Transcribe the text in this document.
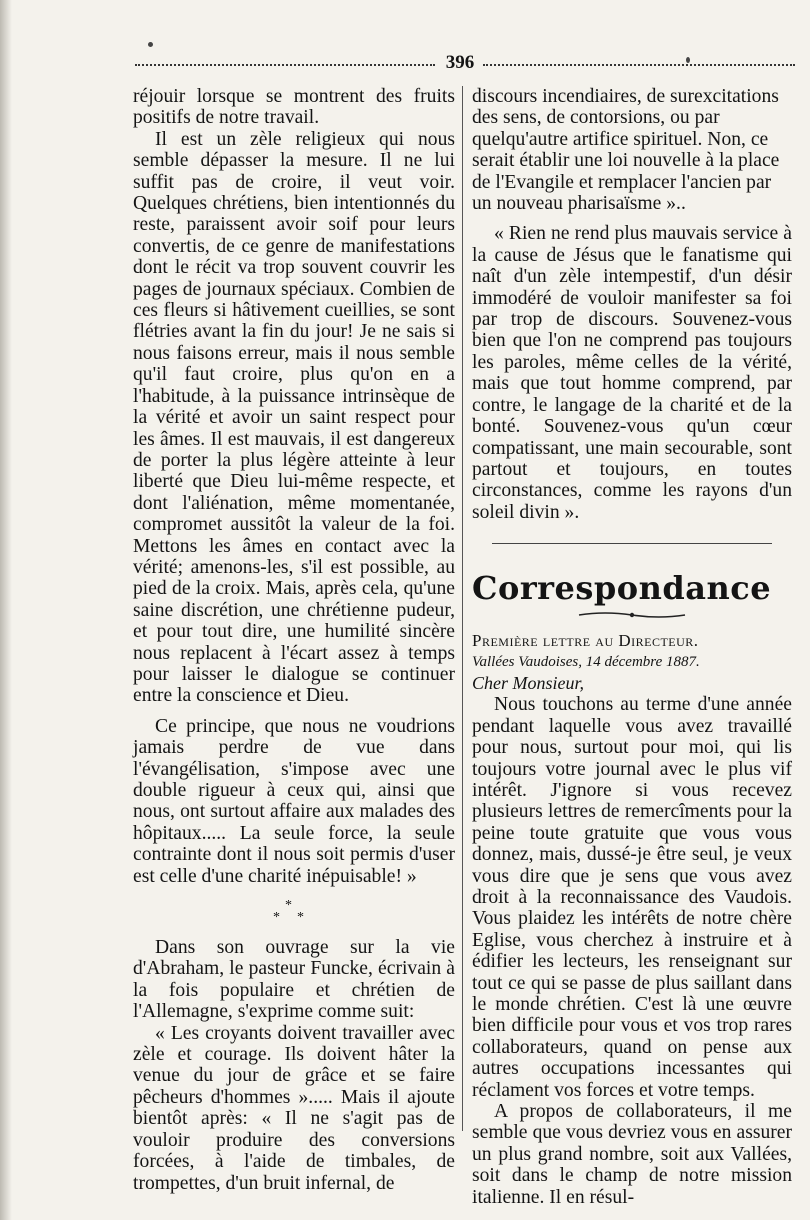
396

réjouir lorsque se montrent des fruits positifs de notre travail.

Il est un zèle religieux qui nous semble dépasser la mesure. Il ne lui suffit pas de croire, il veut voir. Quelques chrétiens, bien intentionnés du reste, paraissent avoir soif pour leurs convertis, de ce genre de manifestations dont le récit va trop souvent couvrir les pages de journaux spéciaux. Combien de ces fleurs si hâtivement cueillies, se sont flétries avant la fin du jour! Je ne sais si nous faisons erreur, mais il nous semble qu'il faut croire, plus qu'on en a l'habitude, à la puissance intrinsèque de la vérité et avoir un saint respect pour les âmes. Il est mauvais, il est dangereux de porter la plus légère atteinte à leur liberté que Dieu lui-même respecte, et dont l'aliénation, même momentanée, compromet aussitôt la valeur de la foi. Mettons les âmes en contact avec la vérité; amenons-les, s'il est possible, au pied de la croix. Mais, après cela, qu'une saine discrétion, une chrétienne pudeur, et pour tout dire, une humilité sincère nous replacent à l'écart assez à temps pour laisser le dialogue se continuer entre la conscience et Dieu.

Ce principe, que nous ne voudrions jamais perdre de vue dans l'évangélisation, s'impose avec une double rigueur à ceux qui, ainsi que nous, ont surtout affaire aux malades des hôpitaux..... La seule force, la seule contrainte dont il nous soit permis d'user est celle d'une charité inépuisable! »

*
* *

Dans son ouvrage sur la vie d'Abraham, le pasteur Funcke, écrivain à la fois populaire et chrétien de l'Allemagne, s'exprime comme suit:

« Les croyants doivent travailler avec zèle et courage. Ils doivent hâter la venue du jour de grâce et se faire pêcheurs d'hommes »..... Mais il ajoute bientôt après: « Il ne s'agit pas de vouloir produire des conversions forcées, à l'aide de timbales, de trompettes, d'un bruit infernal, de

discours incendiaires, de surexcitations des sens, de contorsions, ou par quelqu'autre artifice spirituel. Non, ce serait établir une loi nouvelle à la place de l'Evangile et remplacer l'ancien par un nouveau pharisaïsme »..

« Rien ne rend plus mauvais service à la cause de Jésus que le fanatisme qui naît d'un zèle intempestif, d'un désir immodéré de vouloir manifester sa foi par trop de discours. Souvenez-vous bien que l'on ne comprend pas toujours les paroles, même celles de la vérité, mais que tout homme comprend, par contre, le langage de la charité et de la bonté. Souvenez-vous qu'un cœur compatissant, une main secourable, sont partout et toujours, en toutes circonstances, comme les rayons d'un soleil divin ».

Correspondance

Première lettre au Directeur.

Vallées Vaudoises, 14 décembre 1887.

Cher Monsieur,

Nous touchons au terme d'une année pendant laquelle vous avez travaillé pour nous, surtout pour moi, qui lis toujours votre journal avec le plus vif intérêt. J'ignore si vous recevez plusieurs lettres de remercîments pour la peine toute gratuite que vous vous donnez, mais, dussé-je être seul, je veux vous dire que je sens que vous avez droit à la reconnaissance des Vaudois. Vous plaidez les intérêts de notre chère Eglise, vous cherchez à instruire et à édifier les lecteurs, les renseignant sur tout ce qui se passe de plus saillant dans le monde chrétien. C'est là une œuvre bien difficile pour vous et vos trop rares collaborateurs, quand on pense aux autres occupations incessantes qui réclament vos forces et votre temps.

A propos de collaborateurs, il me semble que vous devriez vous en assurer un plus grand nombre, soit aux Vallées, soit dans le champ de notre mission italienne. Il en résul-
